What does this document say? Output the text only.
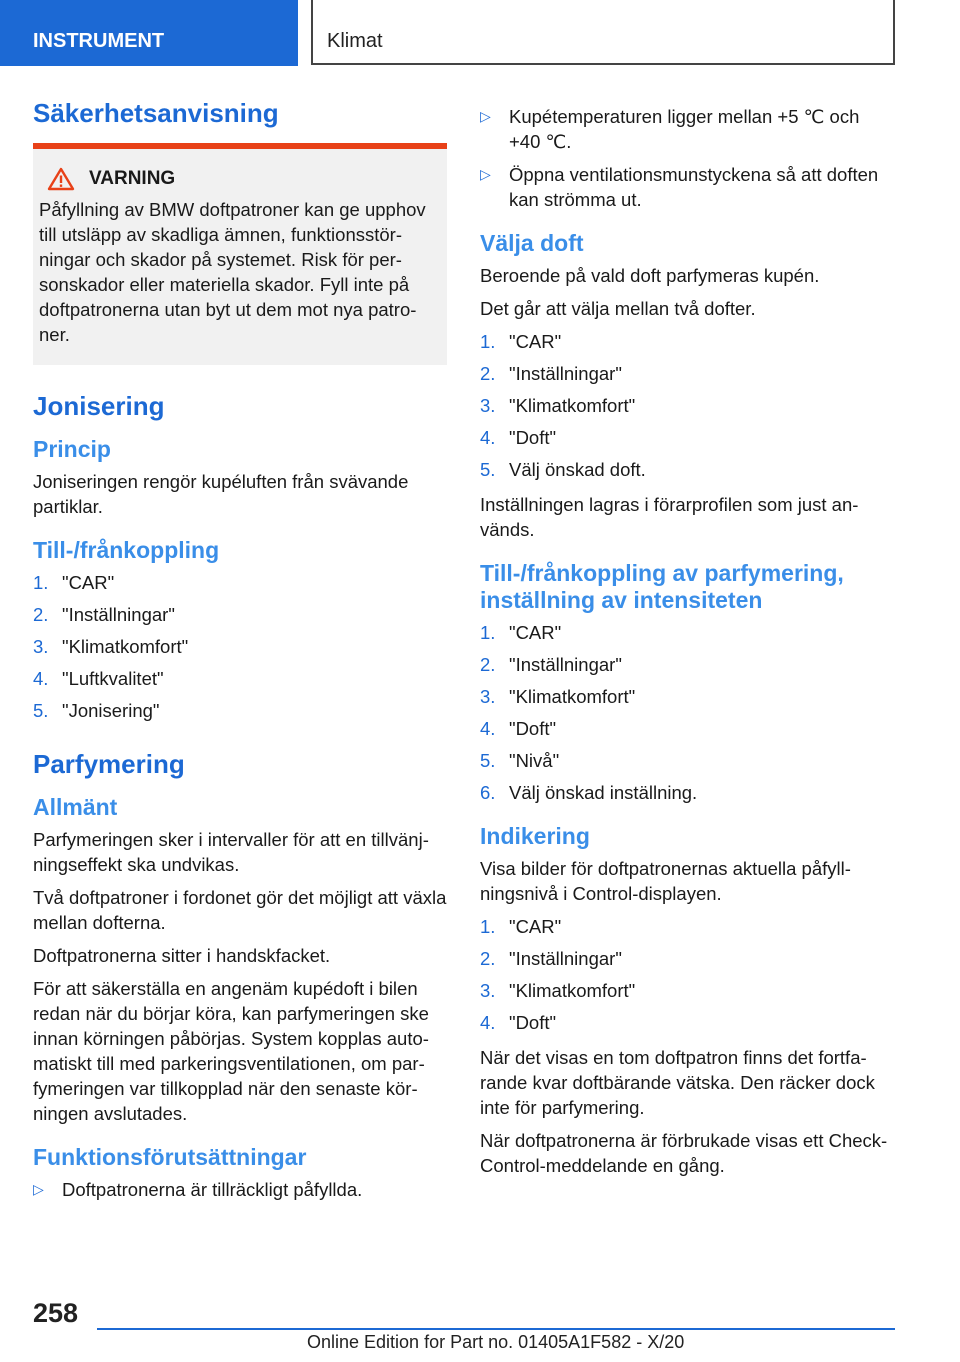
INSTRUMENT	Klimat
Säkerhetsanvisning
VARNING

Påfyllning av BMW doftpatroner kan ge upphov till utsläpp av skadliga ämnen, funktionsstörningar och skador på systemet. Risk för personskador eller materiella skador. Fyll inte på doftpatronerna utan byt ut dem mot nya patroner.

Jonisering
Princip

Joniseringen rengör kupéluften från svävande partiklar.

Till-/frånkoppling
1. "CAR"
2. "Inställningar"
3. "Klimatkomfort"
4. "Luftkvalitet"
5. "Jonisering"
Parfymering
Allmänt

Parfymeringen sker i intervaller för att en tillvänjningseffekt ska undvikas.

Två doftpatroner i fordonet gör det möjligt att växla mellan dofterna.

Doftpatronerna sitter i handskfacket.

För att säkerställa en angenäm kupédoft i bilen redan när du börjar köra, kan parfymeringen ske innan körningen påbörjas. System kopplas automatiskt till med parkeringsventilationen, om parfymeringen var tillkopplad när den senaste körningen avslutades.

Funktionsförutsättningar
▷ Doftpatronerna är tillräckligt påfyllda.
▷ Kupétemperaturen ligger mellan +5 ℃ och +40 ℃.
▷ Öppna ventilationsmunstyckena så att doften kan strömma ut.
Välja doft

Beroende på vald doft parfymeras kupén.

Det går att välja mellan två dofter.

1. "CAR"
2. "Inställningar"
3. "Klimatkomfort"
4. "Doft"
5. Välj önskad doft.

Inställningen lagras i förarprofilen som just används.

Till-/frånkoppling av parfymering, inställning av intensiteten
1. "CAR"
2. "Inställningar"
3. "Klimatkomfort"
4. "Doft"
5. "Nivå"
6. Välj önskad inställning.
Indikering

Visa bilder för doftpatronernas aktuella påfyllningsnivå i Control-displayen.

1. "CAR"
2. "Inställningar"
3. "Klimatkomfort"
4. "Doft"

När det visas en tom doftpatron finns det fortfarande kvar doftbärande vätska. Den räcker dock inte för parfymering.

När doftpatronerna är förbrukade visas ett Check-Control-meddelande en gång.

258
Online Edition for Part no. 01405A1F582 - X/20
